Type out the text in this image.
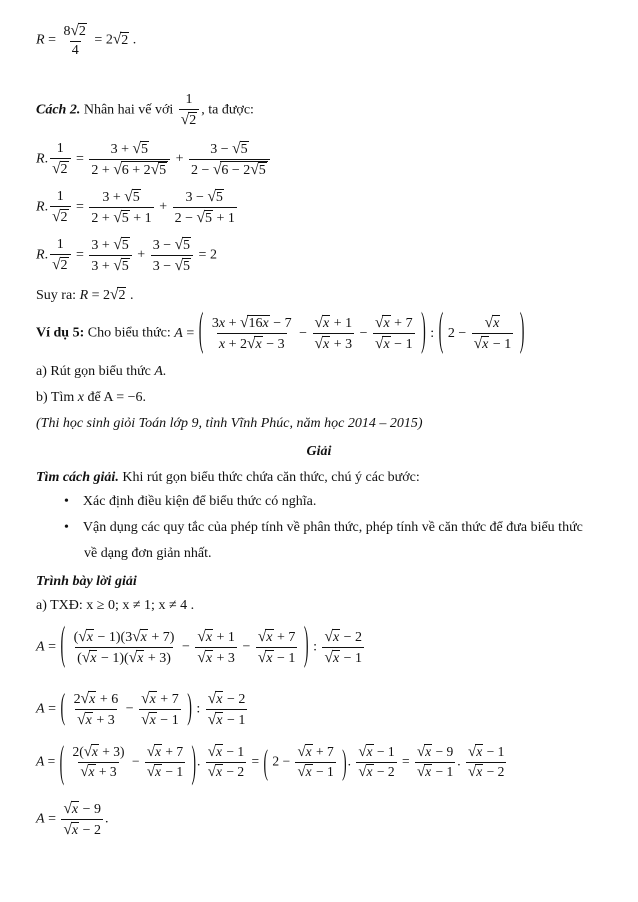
$R = \frac{8√2}{4} = 2√2$ .
Cách 2. Nhân hai vế với $\frac{1}{√2}$ , ta được:
R. $\frac{1}{√2} = \frac{3 + √5}{2 + √6 + 2√5} + \frac{3 - √5}{2 - √6 - 2√5}$
R. $\frac{1}{√2} = \frac{3 + √5}{2 + √5 + 1} + \frac{3 - √5}{2 - √5 + 1}$
R. $\frac{1}{√2} = \frac{3 + √5}{3 + √5} + \frac{3 - √5}{3 - √5} = 2$
Suy ra: R = 2√2 .
Ví dụ 5: Cho biểu thức: A = ( $\frac{3x + √16x - 7}{x + 2√x - 3} - \frac{√x + 1}{√x + 3} - \frac{√x + 7}{√x - 1}$ ) : ( $2 - \frac{√x}{√x - 1}$ )
a) Rút gọn biểu thức A.
b) Tìm x để A = −6.
(Thi học sinh giỏi Toán lớp 9, tỉnh Vĩnh Phúc, năm học 2014 – 2015)
Giải
Tìm cách giải. Khi rút gọn biểu thức chứa căn thức, chú ý các bước:
• Xác định điều kiện để biểu thức có nghĩa.
• Vận dụng các quy tắc của phép tính về phân thức, phép tính về căn thức để đưa biểu thức
về dạng đơn giản nhất.
Trình bày lời giải
a) TXĐ: x ≥ 0; x ≠ 1; x ≠ 4 .
A = ( $\frac{(√x - 1)(3√x + 7)}{(√x - 1)(√x + 3)} - \frac{√x + 1}{√x + 3} - \frac{√x + 7}{√x - 1}$ ) : $\frac{√x - 2}{√x - 1}$
A = ( $\frac{2√x + 6}{√x + 3} - \frac{√x + 7}{√x - 1}$ ) : $\frac{√x - 2}{√x - 1}$
A = ( $\frac{2(√x + 3)}{√x + 3} - \frac{√x + 7}{√x - 1}$ ). $\frac{√x - 1}{√x - 2}$ = ( $2 - \frac{√x + 7}{√x - 1}$ ). $\frac{√x - 1}{√x - 2} = \frac{√x - 9}{√x - 1}$ . $\frac{√x - 1}{√x - 2}$
$A = \frac{√x - 9}{√x - 2}$ .
